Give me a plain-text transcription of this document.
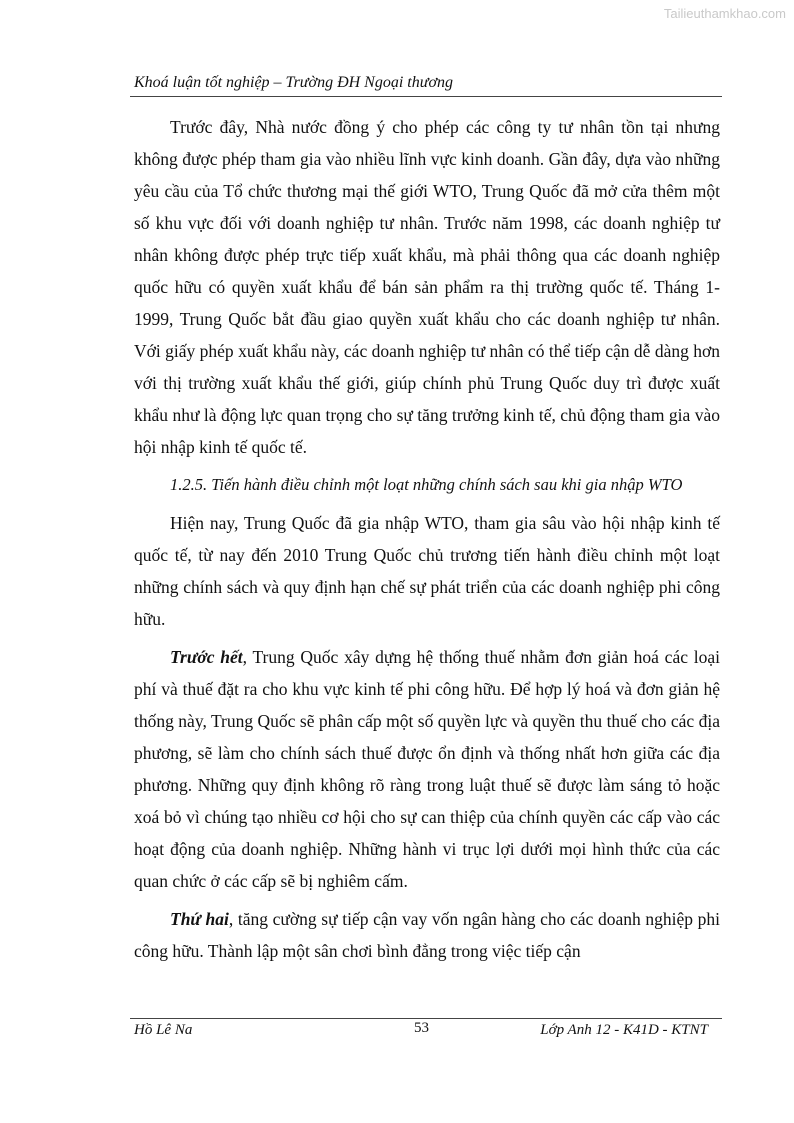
Tailieuthamkhao.com
Khoá luận tốt nghiệp – Trường ĐH Ngoại thương

Trước đây, Nhà nước đồng ý cho phép các công ty tư nhân tồn tại nhưng không được phép tham gia vào nhiều lĩnh vực kinh doanh. Gần đây, dựa vào những yêu cầu của Tổ chức thương mại thế giới WTO, Trung Quốc đã mở cửa thêm một số khu vực đối với doanh nghiệp tư nhân. Trước năm 1998, các doanh nghiệp tư nhân không được phép trực tiếp xuất khẩu, mà phải thông qua các doanh nghiệp quốc hữu có quyền xuất khẩu để bán sản phẩm ra thị trường quốc tế. Tháng 1-1999, Trung Quốc bắt đầu giao quyền xuất khẩu cho các doanh nghiệp tư nhân. Với giấy phép xuất khẩu này, các doanh nghiệp tư nhân có thể tiếp cận dễ dàng hơn với thị trường xuất khẩu thế giới, giúp chính phủ Trung Quốc duy trì được xuất khẩu như là động lực quan trọng cho sự tăng trưởng kinh tế, chủ động tham gia vào hội nhập kinh tế quốc tế.

1.2.5. Tiến hành điều chỉnh một loạt những chính sách sau khi gia nhập WTO

Hiện nay, Trung Quốc đã gia nhập WTO, tham gia sâu vào hội nhập kinh tế quốc tế, từ nay đến 2010 Trung Quốc chủ trương tiến hành điều chỉnh một loạt những chính sách và quy định hạn chế sự phát triển của các doanh nghiệp phi công hữu.

Trước hết, Trung Quốc xây dựng hệ thống thuế nhằm đơn giản hoá các loại phí và thuế đặt ra cho khu vực kinh tế phi công hữu. Để hợp lý hoá và đơn giản hệ thống này, Trung Quốc sẽ phân cấp một số quyền lực và quyền thu thuế cho các địa phương, sẽ làm cho chính sách thuế được ổn định và thống nhất hơn giữa các địa phương. Những quy định không rõ ràng trong luật thuế sẽ được làm sáng tỏ hoặc xoá bỏ vì chúng tạo nhiều cơ hội cho sự can thiệp của chính quyền các cấp vào các hoạt động của doanh nghiệp. Những hành vi trục lợi dưới mọi hình thức của các quan chức ở các cấp sẽ bị nghiêm cấm.

Thứ hai, tăng cường sự tiếp cận vay vốn ngân hàng cho các doanh nghiệp phi công hữu. Thành lập một sân chơi bình đẳng trong việc tiếp cận

Hồ Lê Na	53	Lớp Anh 12 - K41D - KTNT
